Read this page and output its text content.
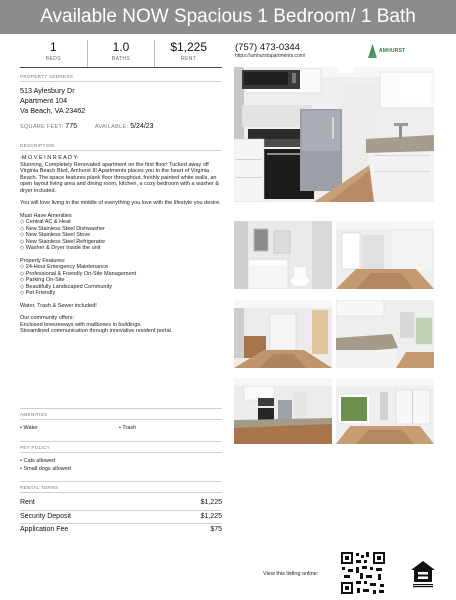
Available NOW Spacious 1 Bedroom/ 1 Bath
1
BEDS
1.0
BATHS
$1,225
RENT
PROPERTY ADDRESS
513 Aylesbury Dr
Apartment 104
Va Beach, VA 23462
SQUARE FEET: 775	AVAILABLE: 5/24/23
DESCRIPTION

-M O V E I N R E A D Y-

Stunning, Completely Renovated apartment on the first floor! Tucked away off Virginia Beach Blvd, Amhurst III Apartments places you in the heart of Virginia Beach. The space features plank floor throughout, freshly painted white walls, an open layout living area and dining room, kitchen, a cozy bedroom with a washer & dryer included.

You will love living in the middle of everything you love with the lifestyle you desire.

Must Have Amenities

◇ Central AC & Heat

◇ New Stainless Steel Dishwasher

◇ New Stainless Steel Stove

◇ New Stainless Steel Refrigerator

◇ Washer & Dryer Inside the unit

Property Features:

◇ 24-Hour Emergency Maintenance

◇ Professional & Friendly On-Site Management

◇ Parking On-Site

◇ Beautifully Landscaped Community

◇ Pet Friendly

Water, Trash & Sewer included!

Our community offers:

Enclosed breezeways with mailboxes in buildings.

Streamlined communication through innovative resident portal.

AMENITIES
• Water	• Trash
PET POLICY
• Cats allowed
• Small dogs allowed
RENTAL TERMS
Rent	$1,225
Security Deposit	$1,225
Application Fee	$75
(757) 473-0344
https://amhurstapartments.com/
AMHURST
View this listing online:
